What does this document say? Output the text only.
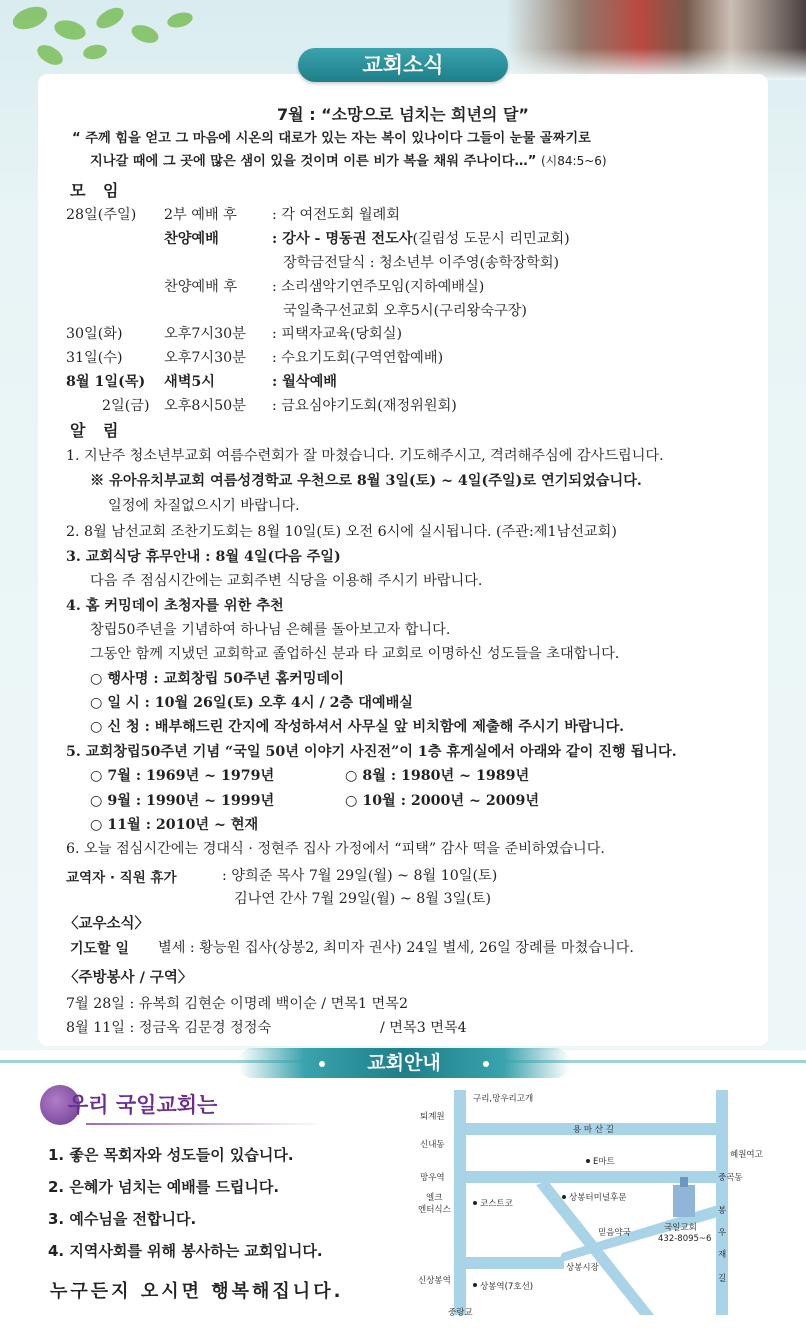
교회소식
7월 : “소망으로 넘치는 희년의 달”
“ 주께 힘을 얻고 그 마음에 시온의 대로가 있는 자는 복이 있나이다 그들이 눈물 골짜기로
지나갈 때에 그 곳에 많은 샘이 있을 것이며 이른 비가 복을 채워 주나이다…” (시84:5~6)
모 임
28일(주일) 2부 예배 후 : 각 여전도회 월례회
찬양예배	: 강사 - 명동권 전도사(길림성 도문시 리민교회)
장학금전달식 : 청소년부 이주영(송학장학회)
찬양예배 후 : 소리샘악기연주모임(지하예배실)
국일축구선교회 오후5시(구리왕숙구장)
30일(화)	오후7시30분 : 피택자교육(당회실)
31일(수)	오후7시30분 : 수요기도회(구역연합예배)
8월 1일(목) 새벽5시	: 월삭예배
2일(금) 오후8시50분 : 금요심야기도회(재정위원회)
알 림
1. 지난주 청소년부교회 여름수련회가 잘 마쳤습니다. 기도해주시고, 격려해주심에 감사드립니다.
※ 유아유치부교회 여름성경학교 우천으로 8월 3일(토) ~ 4일(주일)로 연기되었습니다.
일정에 차질없으시기 바랍니다.
2. 8월 남선교회 조찬기도회는 8월 10일(토) 오전 6시에 실시됩니다. (주관:제1남선교회)
3. 교회식당 휴무안내 : 8월 4일(다음 주일)
다음 주 점심시간에는 교회주변 식당을 이용해 주시기 바랍니다.
4. 홈 커밍데이 초청자를 위한 추천
창립50주년을 기념하여 하나님 은혜를 돌아보고자 합니다.
그동안 함께 지냈던 교회학교 졸업하신 분과 타 교회로 이명하신 성도들을 초대합니다.
○ 행사명 : 교회창립 50주년 홈커밍데이
○ 일 시 : 10월 26일(토) 오후 4시 / 2층 대예배실
○ 신 청 : 배부해드린 간지에 작성하셔서 사무실 앞 비치함에 제출해 주시기 바랍니다.
5. 교회창립50주년 기념 “국일 50년 이야기 사진전”이 1층 휴게실에서 아래와 같이 진행 됩니다.
○ 7월 : 1969년 ~ 1979년	○ 8월 : 1980년 ~ 1989년
○ 9월 : 1990년 ~ 1999년	○ 10월 : 2000년 ~ 2009년
○ 11월 : 2010년 ~ 현재
6. 오늘 점심시간에는 경대식 · 정현주 집사 가정에서 “피택” 감사 떡을 준비하였습니다.
교역자 · 직원 휴가	: 양희준 목사 7월 29일(월) ~ 8월 10일(토)
김나연 간사 7월 29일(월) ~ 8월 3일(토)
〈교우소식〉
기도할 일 별세 : 황능원 집사(상봉2, 최미자 권사) 24일 별세, 26일 장례를 마쳤습니다.
〈주방봉사 / 구역〉
7월 28일 : 유복희 김현순 이명례 백이순 / 면목1 면목2
8월 11일 : 정금옥 김문경 정정숙	/ 면목3 면목4
교회안내
우리 국일교회는
1. 좋은 목회자와 성도들이 있습니다.
2. 은혜가 넘치는 예배를 드립니다.
3. 예수님을 전합니다.
4. 지역사회를 위해 봉사하는 교회입니다.
누구든지 오시면 행복해집니다.
퇴계원
구리,망우리고개
용 마 산 길
신내동
혜원여고
E마트
망우역	중곡동
엘크
엔터식스
코스트코
상봉터미널후문
국일교회
432-8095~6
봉
믿음약국	우
상봉시장
재
길
신상봉역
상봉역(7호선)
중랑교
